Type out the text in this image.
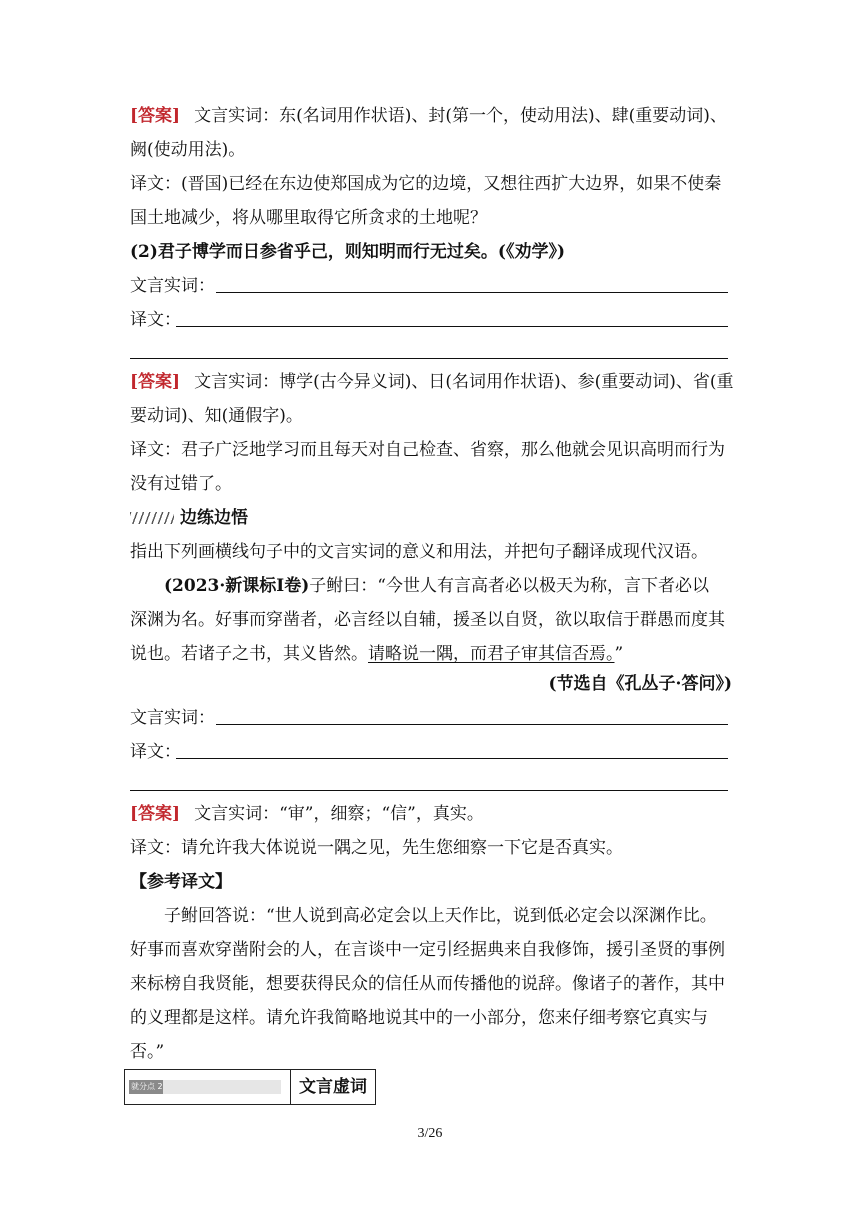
[答案] 文言实词：东(名词用作状语)、封(第一个，使动用法)、肆(重要动词)、
阙(使动用法)。
译文：(晋国)已经在东边使郑国成为它的边境，又想往西扩大边界，如果不使秦
国土地减少，将从哪里取得它所贪求的土地呢？
(2)君子博学而日参省乎己，则知明而行无过矣。(《劝学》)
文言实词：
译文：
[答案] 文言实词：博学(古今异义词)、日(名词用作状语)、参(重要动词)、省(重
要动词)、知(通假字)。
译文：君子广泛地学习而且每天对自己检查、省察，那么他就会见识高明而行为
没有过错了。
边练边悟
指出下列画横线句子中的文言实词的意义和用法，并把句子翻译成现代汉语。
(2023·新课标Ⅰ卷)子鲋曰：“今世人有言高者必以极天为称，言下者必以
深渊为名。好事而穿凿者，必言经以自辅，援圣以自贤，欲以取信于群愚而度其
说也。若诸子之书，其义皆然。请略说一隅，而君子审其信否焉。”
(节选自《孔丛子·答问》)
文言实词：
译文：
[答案] 文言实词：“审”，细察；“信”，真实。
译文：请允许我大体说说一隅之见，先生您细察一下它是否真实。
【参考译文】
子鲋回答说：“世人说到高必定会以上天作比，说到低必定会以深渊作比。
好事而喜欢穿凿附会的人，在言谈中一定引经据典来自我修饰，援引圣贤的事例
来标榜自我贤能，想要获得民众的信任从而传播他的说辞。像诸子的著作，其中
的义理都是这样。请允许我简略地说其中的一小部分，您来仔细考察它真实与
否。”
就分点 2	文言虚词
3/26
